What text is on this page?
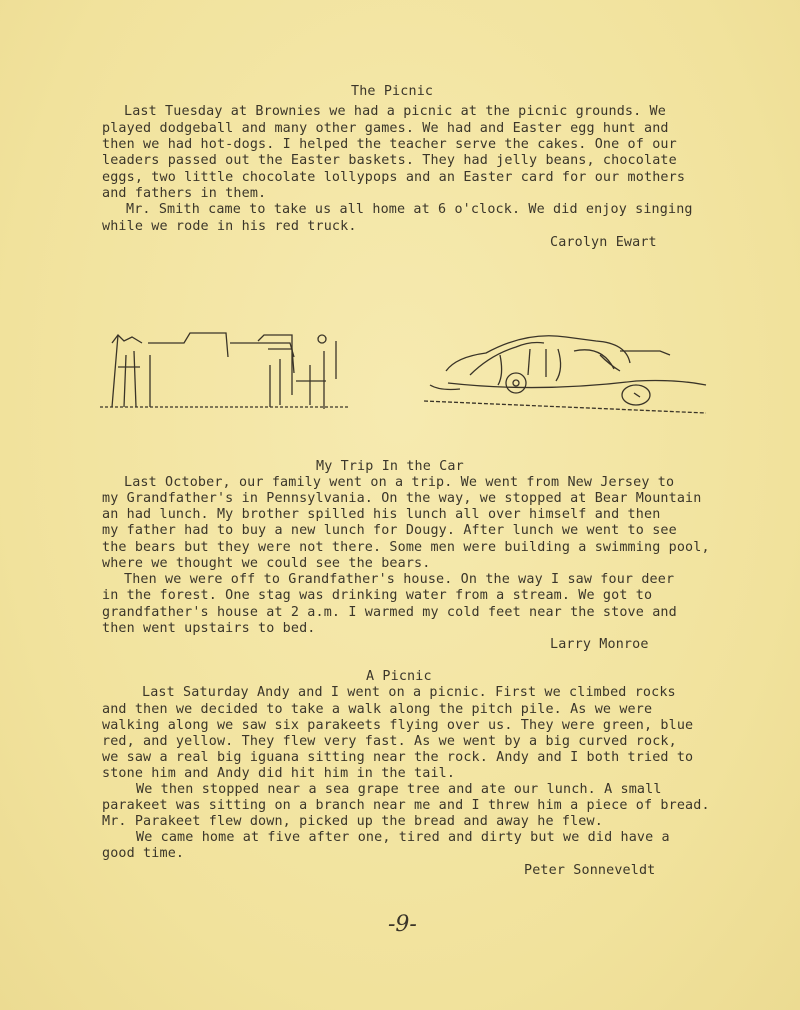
The Picnic
Last Tuesday at Brownies we had a picnic at the picnic grounds. We
played dodgeball and many other games. We had and Easter egg hunt and
then we had hot-dogs. I helped the teacher serve the cakes. One of our
leaders passed out the Easter baskets. They had jelly beans, chocolate
eggs, two little chocolate lollypops and an Easter card for our mothers
and fathers in them.
Mr. Smith came to take us all home at 6 o'clock. We did enjoy singing
while we rode in his red truck.
Carolyn Ewart
My Trip In the Car
Last October, our family went on a trip. We went from New Jersey to
my Grandfather's in Pennsylvania. On the way, we stopped at Bear Mountain
an had lunch. My brother spilled his lunch all over himself and then
my father had to buy a new lunch for Dougy. After lunch we went to see
the bears but they were not there. Some men were building a swimming pool,
where we thought we could see the bears.
Then we were off to Grandfather's house. On the way I saw four deer
in the forest. One stag was drinking water from a stream. We got to
grandfather's house at 2 a.m. I warmed my cold feet near the stove and
then went upstairs to bed.
Larry Monroe
A Picnic
Last Saturday Andy and I went on a picnic. First we climbed rocks
and then we decided to take a walk along the pitch pile. As we were
walking along we saw six parakeets flying over us. They were green, blue
red, and yellow. They flew very fast. As we went by a big curved rock,
we saw a real big iguana sitting near the rock. Andy and I both tried to
stone him and Andy did hit him in the tail.
We then stopped near a sea grape tree and ate our lunch. A small
parakeet was sitting on a branch near me and I threw him a piece of bread.
Mr. Parakeet flew down, picked up the bread and away he flew.
We came home at five after one, tired and dirty but we did have a
good time.
Peter Sonneveldt
-9-
